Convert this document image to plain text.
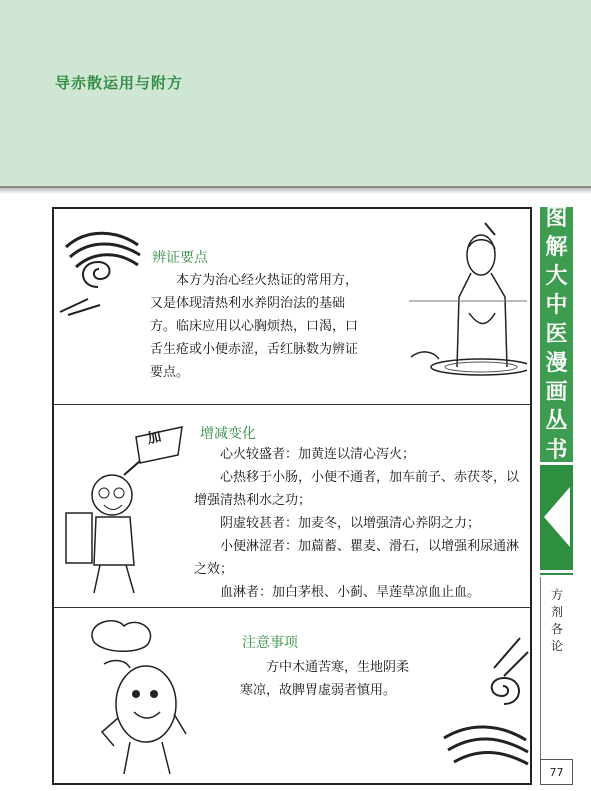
导赤散运用与附方
辨证要点

本方为治心经火热证的常用方，又是体现清热利水养阴治法的基础方。临床应用以心胸烦热，口渴，口舌生疮或小便赤涩，舌红脉数为辨证要点。

加	增减变化

心火较盛者：加黄连以清心泻火；

心热移于小肠，小便不通者，加车前子、赤茯苓，以增强清热利水之功；

阴虚较甚者：加麦冬，以增强清心养阴之力；

小便淋涩者：加萹蓄、瞿麦、滑石，以增强利尿通淋之效；

血淋者：加白茅根、小蓟、旱莲草凉血止血。

注意事项

方中木通苦寒，生地阴柔寒凉，故脾胃虚弱者慎用。

图
解
大
中
医
漫
画
丛
书
方
剂
各
论
77
